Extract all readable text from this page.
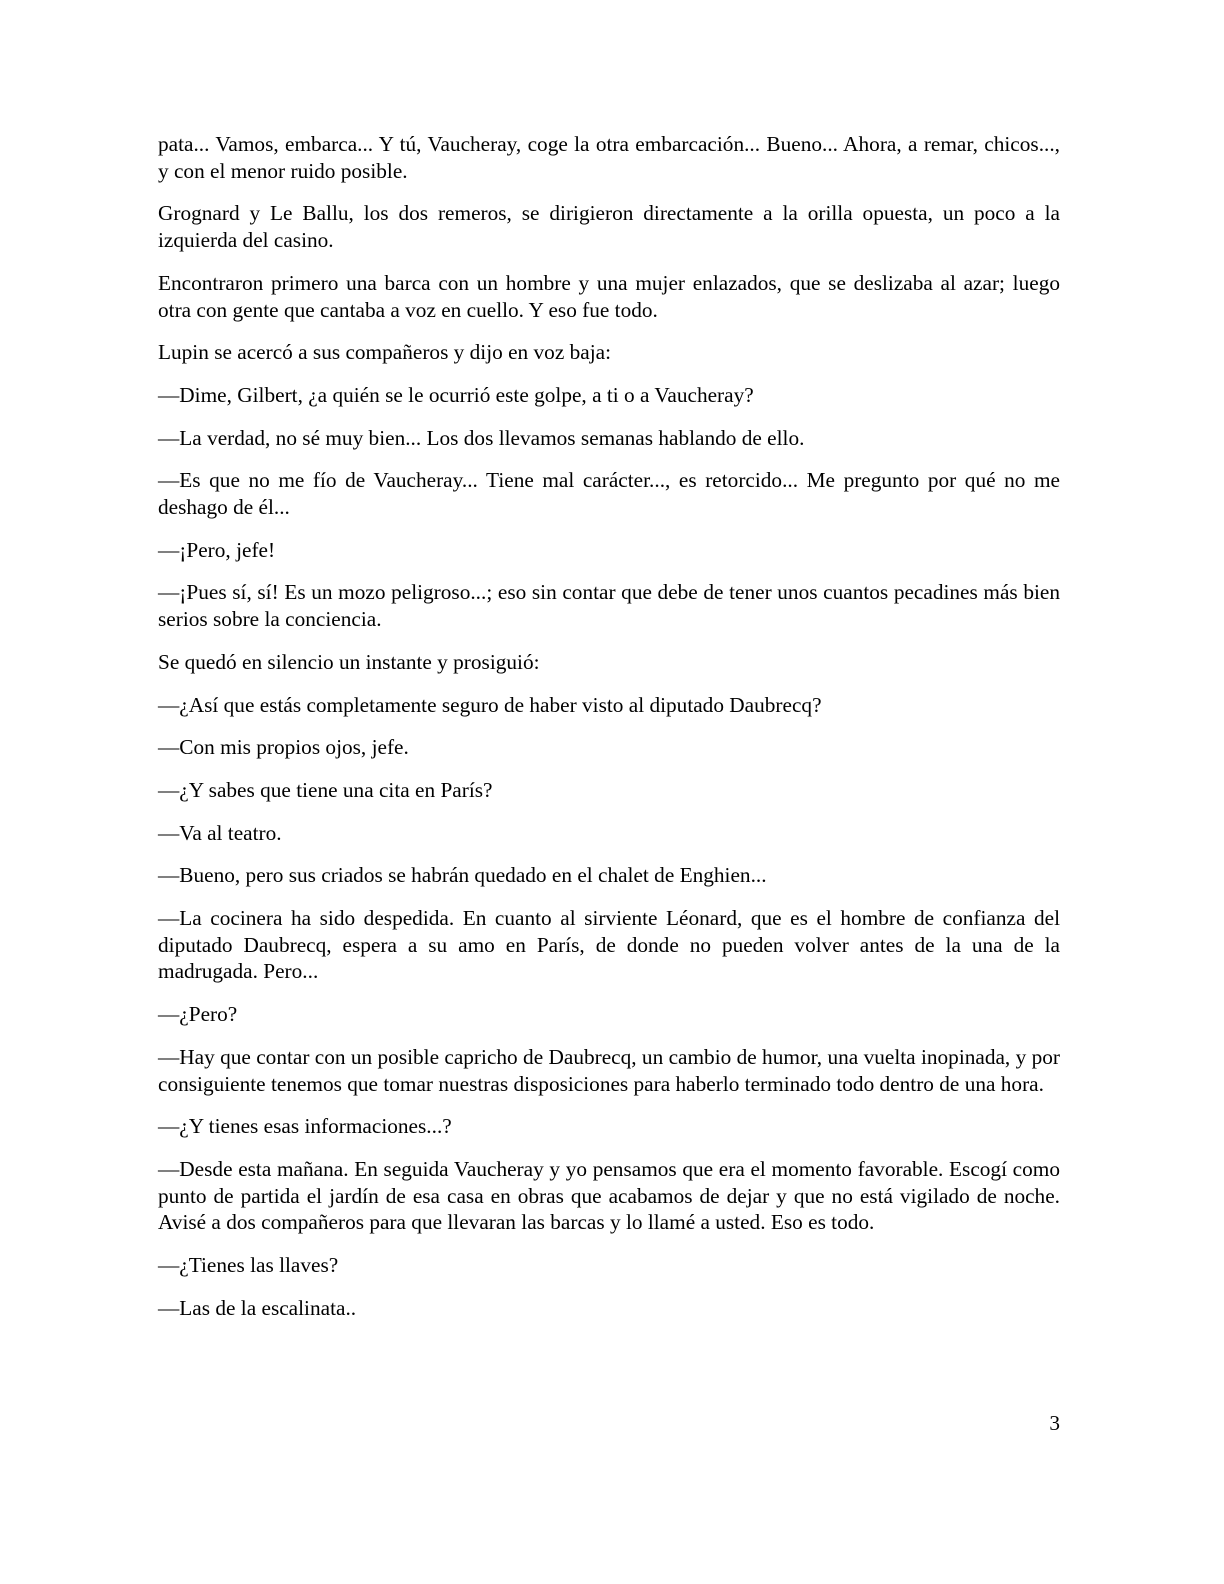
pata... Vamos, embarca... Y tú, Vaucheray, coge la otra embarcación... Bueno... Ahora, a remar, chicos..., y con el menor ruido posible.

Grognard y Le Ballu, los dos remeros, se dirigieron directamente a la orilla opuesta, un poco a la izquierda del casino.

Encontraron primero una barca con un hombre y una mujer enlazados, que se deslizaba al azar; luego otra con gente que cantaba a voz en cuello. Y eso fue todo.

Lupin se acercó a sus compañeros y dijo en voz baja:

—Dime, Gilbert, ¿a quién se le ocurrió este golpe, a ti o a Vaucheray?

—La verdad, no sé muy bien... Los dos llevamos semanas hablando de ello.

—Es que no me fío de Vaucheray... Tiene mal carácter..., es retorcido... Me pregunto por qué no me deshago de él...

—¡Pero, jefe!

—¡Pues sí, sí! Es un mozo peligroso...; eso sin contar que debe de tener unos cuantos pecadines más bien serios sobre la conciencia.

Se quedó en silencio un instante y prosiguió:

—¿Así que estás completamente seguro de haber visto al diputado Daubrecq?

—Con mis propios ojos, jefe.

—¿Y sabes que tiene una cita en París?

—Va al teatro.

—Bueno, pero sus criados se habrán quedado en el chalet de Enghien...

—La cocinera ha sido despedida. En cuanto al sirviente Léonard, que es el hombre de confianza del diputado Daubrecq, espera a su amo en París, de donde no pueden volver antes de la una de la madrugada. Pero...

—¿Pero?

—Hay que contar con un posible capricho de Daubrecq, un cambio de humor, una vuelta inopinada, y por consiguiente tenemos que tomar nuestras disposiciones para haberlo terminado todo dentro de una hora.

—¿Y tienes esas informaciones...?

—Desde esta mañana. En seguida Vaucheray y yo pensamos que era el momento favorable. Escogí como punto de partida el jardín de esa casa en obras que acabamos de dejar y que no está vigilado de noche. Avisé a dos compañeros para que llevaran las barcas y lo llamé a usted. Eso es todo.

—¿Tienes las llaves?

—Las de la escalinata..

3
